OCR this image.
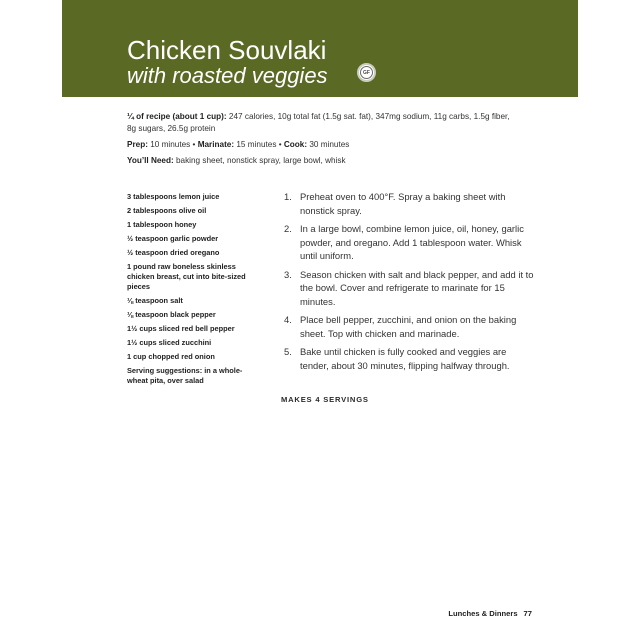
Chicken Souvlaki
with roasted veggies	GF
¼ of recipe (about 1 cup): 247 calories, 10g total fat (1.5g sat. fat), 347mg sodium, 11g carbs, 1.5g fiber, 8g sugars, 26.5g protein
Prep: 10 minutes • Marinate: 15 minutes • Cook: 30 minutes
You’ll Need: baking sheet, nonstick spray, large bowl, whisk
3 tablespoons lemon juice
2 tablespoons olive oil
1 tablespoon honey
½ teaspoon garlic powder
½ teaspoon dried oregano
1 pound raw boneless skinless chicken breast, cut into bite-sized pieces
⅛ teaspoon salt
⅛ teaspoon black pepper
1½ cups sliced red bell pepper
1½ cups sliced zucchini
1 cup chopped red onion
Serving suggestions: in a whole-wheat pita, over salad
1. Preheat oven to 400°F. Spray a baking sheet with nonstick spray.
2. In a large bowl, combine lemon juice, oil, honey, garlic powder, and oregano. Add 1 tablespoon water. Whisk until uniform.
3. Season chicken with salt and black pepper, and add it to the bowl. Cover and refrigerate to marinate for 15 minutes.
4. Place bell pepper, zucchini, and onion on the baking sheet. Top with chicken and marinade.
5. Bake until chicken is fully cooked and veggies are tender, about 30 minutes, flipping halfway through.
MAKES 4 SERVINGS
Lunches & Dinners 77
